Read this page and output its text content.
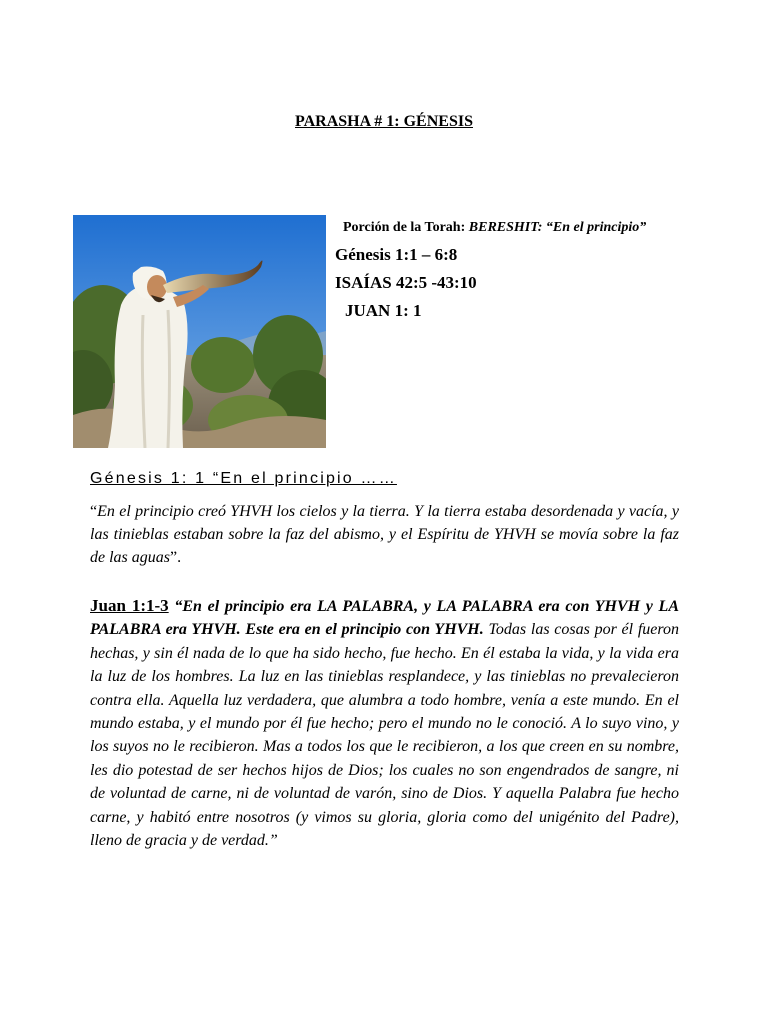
PARASHA # 1: GÉNESIS
Porción de la Torah: BERESHIT: “En el principio”
Génesis 1:1 – 6:8
ISAÍAS 42:5 -43:10
JUAN 1: 1
Génesis 1: 1 “En el principio ……
“En el principio creó YHVH los cielos y la tierra. Y la tierra estaba desordenada y vacía, y las tinieblas estaban sobre la faz del abismo, y el Espíritu de YHVH se movía sobre la faz de las aguas”.
Juan 1:1-3 “En el principio era LA PALABRA, y LA PALABRA era con YHVH y LA PALABRA era YHVH. Este era en el principio con YHVH. Todas las cosas por él fueron hechas, y sin él nada de lo que ha sido hecho, fue hecho. En él estaba la vida, y la vida era la luz de los hombres. La luz en las tinieblas resplandece, y las tinieblas no prevalecieron contra ella. Aquella luz verdadera, que alumbra a todo hombre, venía a este mundo. En el mundo estaba, y el mundo por él fue hecho; pero el mundo no le conoció. A lo suyo vino, y los suyos no le recibieron. Mas a todos los que le recibieron, a los que creen en su nombre, les dio potestad de ser hechos hijos de Dios; los cuales no son engendrados de sangre, ni de voluntad de carne, ni de voluntad de varón, sino de Dios. Y aquella Palabra fue hecho carne, y habitó entre nosotros (y vimos su gloria, gloria como del unigénito del Padre), lleno de gracia y de verdad.”
